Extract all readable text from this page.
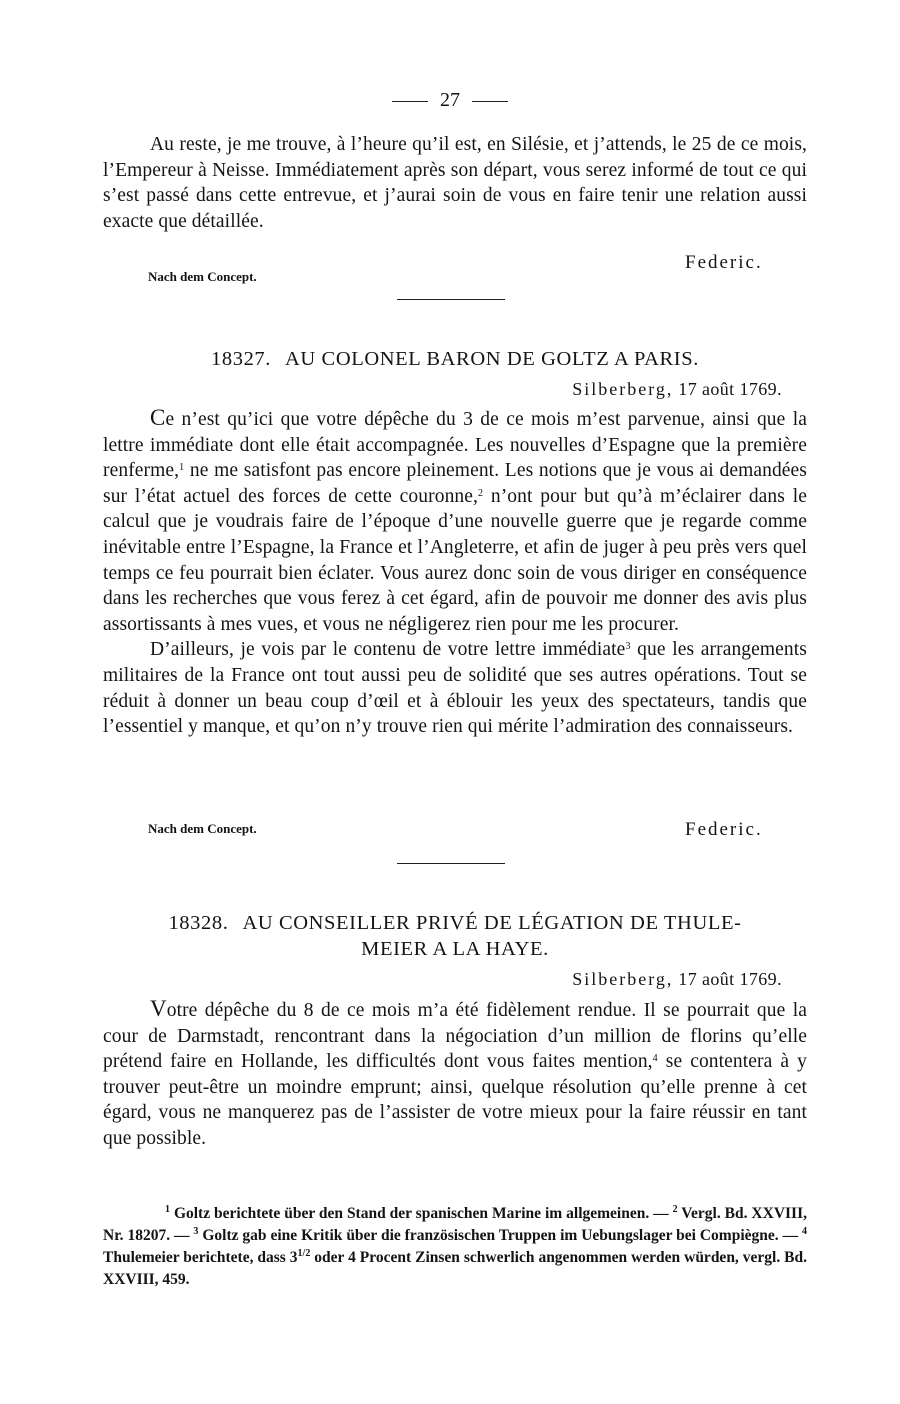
27

Au reste, je me trouve, à l’heure qu’il est, en Silésie, et j’attends, le 25 de ce mois, l’Empereur à Neisse. Immédiatement après son départ, vous serez informé de tout ce qui s’est passé dans cette entrevue, et j’aurai soin de vous en faire tenir une relation aussi exacte que détaillée.

Nach dem Concept.
Federic.

18327. AU COLONEL BARON DE GOLTZ A PARIS.

Silberberg, 17 août 1769.

Ce n’est qu’ici que votre dépêche du 3 de ce mois m’est parvenue, ainsi que la lettre immédiate dont elle était accompagnée. Les nouvelles d’Espagne que la première renferme,$^1$ ne me satisfont pas encore pleinement. Les notions que je vous ai demandées sur l’état actuel des forces de cette couronne,$^2$ n’ont pour but qu’à m’éclairer dans le calcul que je voudrais faire de l’époque d’une nouvelle guerre que je regarde comme inévitable entre l’Espagne, la France et l’Angleterre, et afin de juger à peu près vers quel temps ce feu pourrait bien éclater. Vous aurez donc soin de vous diriger en conséquence dans les recherches que vous ferez à cet égard, afin de pouvoir me donner des avis plus assortissants à mes vues, et vous ne négligerez rien pour me les procurer.

D’ailleurs, je vois par le contenu de votre lettre immédiate$^3$ que les arrangements militaires de la France ont tout aussi peu de solidité que ses autres opérations. Tout se réduit à donner un beau coup d’œil et à éblouir les yeux des spectateurs, tandis que l’essentiel y manque, et qu’on n’y trouve rien qui mérite l’admiration des connaisseurs.

Nach dem Concept.	Federic.

18328. AU CONSEILLER PRIVÉ DE LÉGATION DE THULE-
MEIER A LA HAYE.

Silberberg, 17 août 1769.

Votre dépêche du 8 de ce mois m’a été fidèlement rendue. Il se pourrait que la cour de Darmstadt, rencontrant dans la négociation d’un million de florins qu’elle prétend faire en Hollande, les difficultés dont vous faites mention,$^4$ se contentera à y trouver peut-être un moindre emprunt; ainsi, quelque résolution qu’elle prenne à cet égard, vous ne manquerez pas de l’assister de votre mieux pour la faire réussir en tant que possible.

$^1$ Goltz berichtete über den Stand der spanischen Marine im allgemeinen. — $^2$ Vergl. Bd. XXVIII, Nr. 18207. — $^3$ Goltz gab eine Kritik über die französischen Truppen im Uebungslager bei Compiègne. — $^4$ Thulemeier berichtete, dass $3^{1/2}$ oder 4 Procent Zinsen schwerlich angenommen werden würden, vergl. Bd. XXVIII, 459.
